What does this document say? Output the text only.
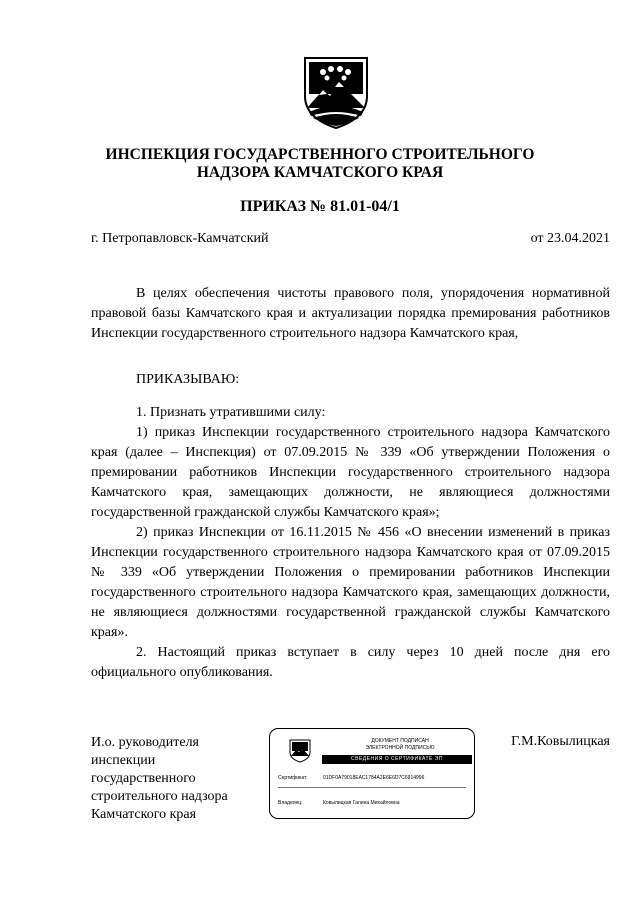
ИНСПЕКЦИЯ ГОСУДАРСТВЕННОГО СТРОИТЕЛЬНОГО
НАДЗОРА КАМЧАТСКОГО КРАЯ
ПРИКАЗ № 81.01-04/1
г. Петропавловск-Камчатский	от 23.04.2021

В целях обеспечения чистоты правового поля, упорядочения нормативной правовой базы Камчатского края и актуализации порядка премирования работников Инспекции государственного строительного надзора Камчатского края,

ПРИКАЗЫВАЮ:

1. Признать утратившими силу:

1) приказ Инспекции государственного строительного надзора Камчатского края (далее – Инспекция) от 07.09.2015 № 339 «Об утверждении Положения о премировании работников Инспекции государственного строительного надзора Камчатского края, замещающих должности, не являющиеся должностями государственной гражданской службы Камчатского края»;

2) приказ Инспекции от 16.11.2015 № 456 «О внесении изменений в приказ Инспекции государственного строительного надзора Камчатского края от 07.09.2015 № 339 «Об утверждении Положения о премировании работников Инспекции государственного строительного надзора Камчатского края, замещающих должности, не являющиеся должностями государственной гражданской службы Камчатского края».

2. Настоящий приказ вступает в силу через 10 дней после дня его официального опубликования.

И.о. руководителя
инспекции
государственного
строительного надзора
Камчатского края
Г.М.Ковылицкая
ДОКУМЕНТ ПОДПИСАН
ЭЛЕКТРОННОЙ ПОДПИСЬЮ
СВЕДЕНИЯ О СЕРТИФИКАТЕ ЭП
Сертификат:	01DF0A79018ЕАС1784А2Е6Е6D7C6914996
Владелец:	Ковылицкая Галина Михайловна
